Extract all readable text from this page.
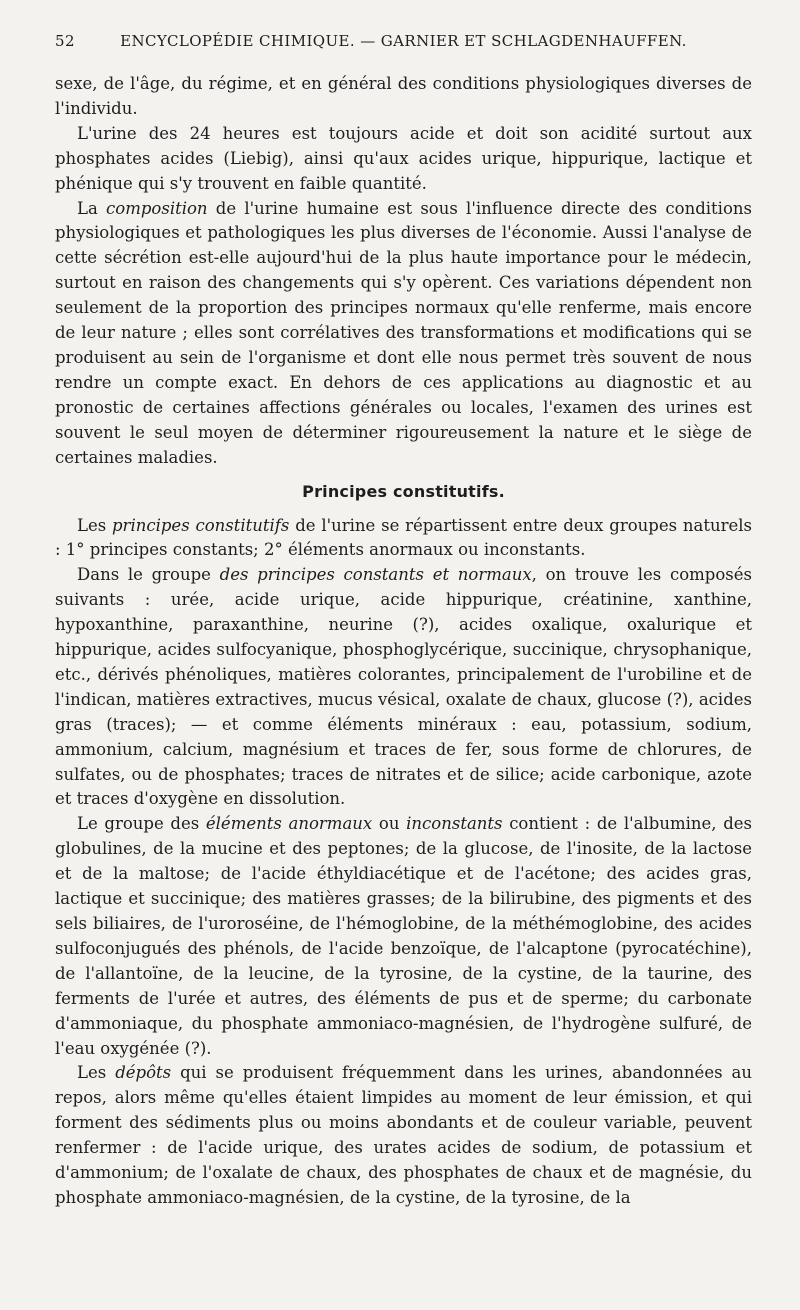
52	ENCYCLOPÉDIE CHIMIQUE. — GARNIER ET SCHLAGDENHAUFFEN.

sexe, de l'âge, du régime, et en général des conditions physiologiques diverses de l'individu.

L'urine des 24 heures est toujours acide et doit son acidité surtout aux phosphates acides (Liebig), ainsi qu'aux acides urique, hippurique, lactique et phénique qui s'y trouvent en faible quantité.

La composition de l'urine humaine est sous l'influence directe des conditions physiologiques et pathologiques les plus diverses de l'économie. Aussi l'analyse de cette sécrétion est-elle aujourd'hui de la plus haute importance pour le médecin, surtout en raison des changements qui s'y opèrent. Ces variations dépendent non seulement de la proportion des principes normaux qu'elle renferme, mais encore de leur nature ; elles sont corrélatives des transformations et modifications qui se produisent au sein de l'organisme et dont elle nous permet très souvent de nous rendre un compte exact. En dehors de ces applications au diagnostic et au pronostic de certaines affections générales ou locales, l'examen des urines est souvent le seul moyen de déterminer rigoureusement la nature et le siège de certaines maladies.

Principes constitutifs.

Les principes constitutifs de l'urine se répartissent entre deux groupes naturels : 1° principes constants; 2° éléments anormaux ou inconstants.

Dans le groupe des principes constants et normaux, on trouve les composés suivants : urée, acide urique, acide hippurique, créatinine, xanthine, hypoxanthine, paraxanthine, neurine (?), acides oxalique, oxalurique et hippurique, acides sulfocyanique, phosphoglycérique, succinique, chrysophanique, etc., dérivés phénoliques, matières colorantes, principalement de l'urobiline et de l'indican, matières extractives, mucus vésical, oxalate de chaux, glucose (?), acides gras (traces); — et comme éléments minéraux : eau, potassium, sodium, ammonium, calcium, magnésium et traces de fer, sous forme de chlorures, de sulfates, ou de phosphates; traces de nitrates et de silice; acide carbonique, azote et traces d'oxygène en dissolution.

Le groupe des éléments anormaux ou inconstants contient : de l'albumine, des globulines, de la mucine et des peptones; de la glucose, de l'inosite, de la lactose et de la maltose; de l'acide éthyldiacétique et de l'acétone; des acides gras, lactique et succinique; des matières grasses; de la bilirubine, des pigments et des sels biliaires, de l'uroroséine, de l'hémoglobine, de la méthémoglobine, des acides sulfoconjugués des phénols, de l'acide benzoïque, de l'alcaptone (pyrocatéchine), de l'allantoïne, de la leucine, de la tyrosine, de la cystine, de la taurine, des ferments de l'urée et autres, des éléments de pus et de sperme; du carbonate d'ammoniaque, du phosphate ammoniaco-magnésien, de l'hydrogène sulfuré, de l'eau oxygénée (?).

Les dépôts qui se produisent fréquemment dans les urines, abandonnées au repos, alors même qu'elles étaient limpides au moment de leur émission, et qui forment des sédiments plus ou moins abondants et de couleur variable, peuvent renfermer : de l'acide urique, des urates acides de sodium, de potassium et d'ammonium; de l'oxalate de chaux, des phosphates de chaux et de magnésie, du phosphate ammoniaco-magnésien, de la cystine, de la tyrosine, de la
